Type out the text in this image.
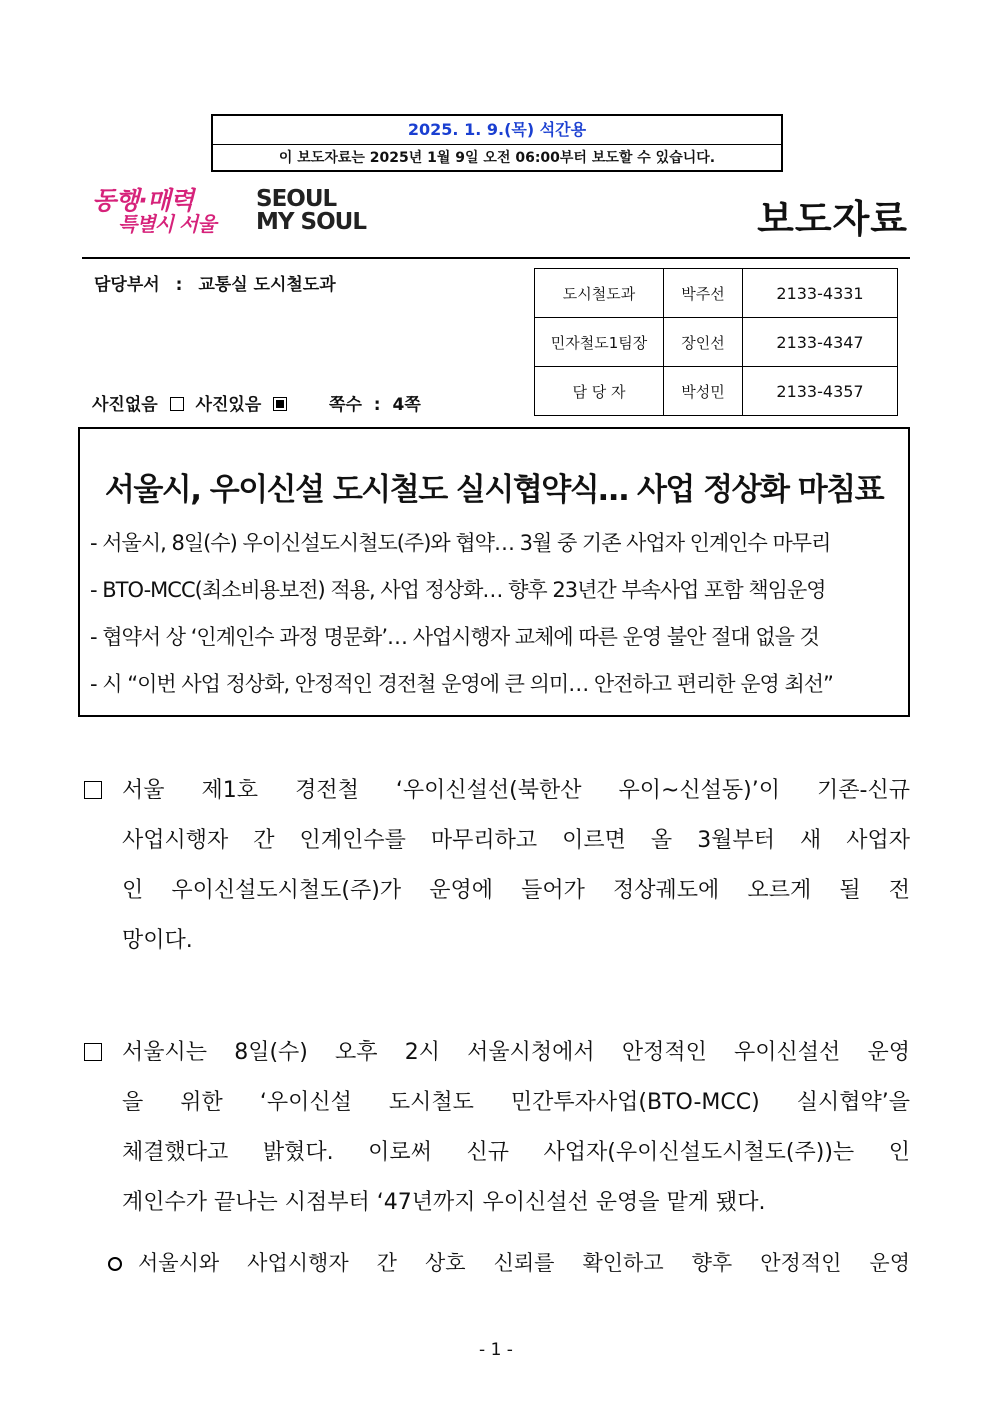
2025. 1. 9.(목) 석간용
이 보도자료는 2025년 1월 9일 오전 06:00부터 보도할 수 있습니다.
동행·매력
특별시 서울
SEOUL
MY SOUL	보도자료
담당부서 : 교통실 도시철도과
사진없음 사진있음	쪽수 : 4쪽
도시철도과	박주선	2133-4331
민자철도1팀장	장인선	2133-4347
담 당 자	박성민	2133-4357
서울시, 우이신설 도시철도 실시협약식… 사업 정상화 마침표
- 서울시, 8일(수) 우이신설도시철도(주)와 협약… 3월 중 기존 사업자 인계인수 마무리
- BTO-MCC(최소비용보전) 적용, 사업 정상화… 향후 23년간 부속사업 포함 책임운영
- 협약서 상 ‘인계인수 과정 명문화’… 사업시행자 교체에 따른 운영 불안 절대 없을 것
- 시 “이번 사업 정상화, 안정적인 경전철 운영에 큰 의미… 안전하고 편리한 운영 최선”
서울 제1호 경전철 ‘우이신설선(북한산 우이~신설동)’이 기존-신규
사업시행자 간 인계인수를 마무리하고 이르면 올 3월부터 새 사업자
인 우이신설도시철도(주)가 운영에 들어가 정상궤도에 오르게 될 전
망이다.
서울시는 8일(수) 오후 2시 서울시청에서 안정적인 우이신설선 운영
을 위한 ‘우이신설 도시철도 민간투자사업(BTO-MCC) 실시협약’을
체결했다고 밝혔다. 이로써 신규 사업자(우이신설도시철도(주))는 인
계인수가 끝나는 시점부터 ‘47년까지 우이신설선 운영을 맡게 됐다.
서울시와 사업시행자 간 상호 신뢰를 확인하고 향후 안정적인 운영
- 1 -
